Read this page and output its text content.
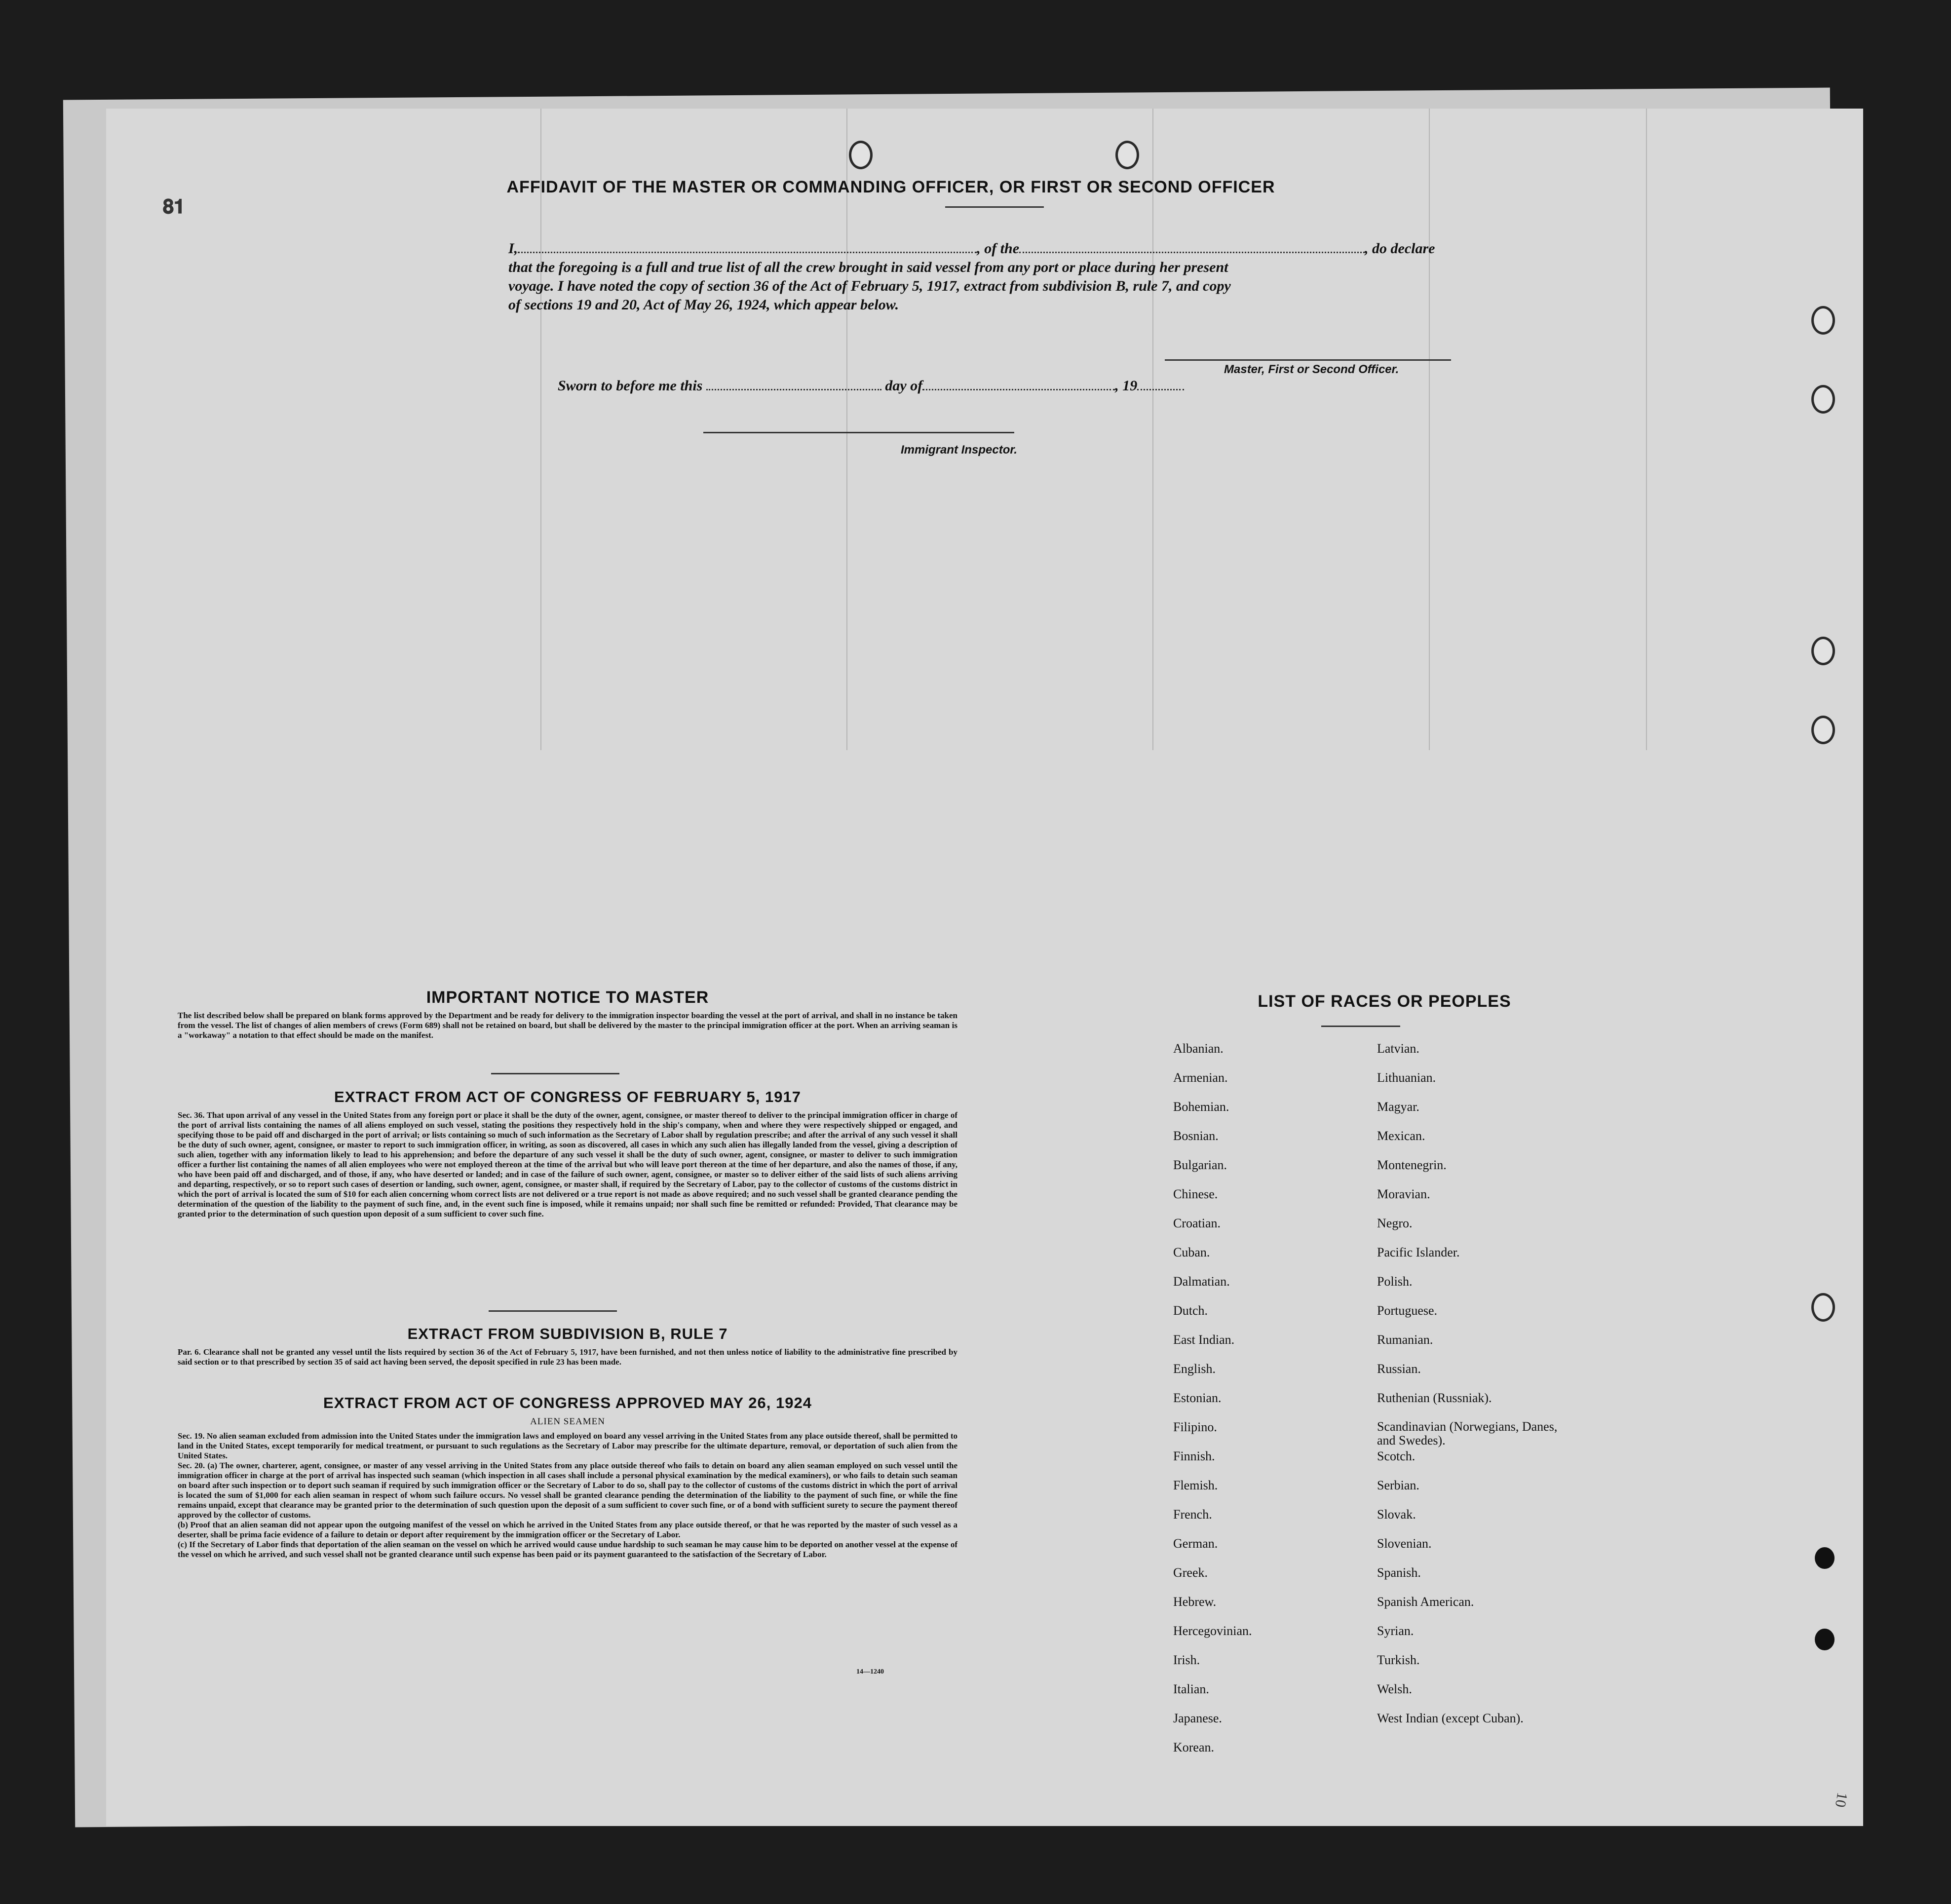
𝟖𝟏
10
AFFIDAVIT OF THE MASTER OR COMMANDING OFFICER, OR FIRST OR SECOND OFFICER
I,	, of the	, do declare
that the foregoing is a full and true list of all the crew brought in said vessel from any port or place during her present
voyage. I have noted the copy of section 36 of the Act of February 5, 1917, extract from subdivision B, rule 7, and copy
of sections 19 and 20, Act of May 26, 1924, which appear below.
Master, First or Second Officer.
Sworn to before me this	day of	, 19
Immigrant Inspector.
IMPORTANT NOTICE TO MASTER
The list described below shall be prepared on blank forms approved by the Department and be ready for delivery to the immigration inspector boarding the vessel at the port of arrival, and shall in no instance be taken from the vessel. The list of changes of alien members of crews (Form 689) shall not be retained on board, but shall be delivered by the master to the principal immigration officer at the port. When an arriving seaman is a "workaway" a notation to that effect should be made on the manifest.
EXTRACT FROM ACT OF CONGRESS OF FEBRUARY 5, 1917
Sec. 36. That upon arrival of any vessel in the United States from any foreign port or place it shall be the duty of the owner, agent, consignee, or master thereof to deliver to the principal immigration officer in charge of the port of arrival lists containing the names of all aliens employed on such vessel, stating the positions they respectively hold in the ship's company, when and where they were respectively shipped or engaged, and specifying those to be paid off and discharged in the port of arrival; or lists containing so much of such information as the Secretary of Labor shall by regulation prescribe; and after the arrival of any such vessel it shall be the duty of such owner, agent, consignee, or master to report to such immigration officer, in writing, as soon as discovered, all cases in which any such alien has illegally landed from the vessel, giving a description of such alien, together with any information likely to lead to his apprehension; and before the departure of any such vessel it shall be the duty of such owner, agent, consignee, or master to deliver to such immigration officer a further list containing the names of all alien employees who were not employed thereon at the time of the arrival but who will leave port thereon at the time of her departure, and also the names of those, if any, who have been paid off and discharged, and of those, if any, who have deserted or landed; and in case of the failure of such owner, agent, consignee, or master so to deliver either of the said lists of such aliens arriving and departing, respectively, or so to report such cases of desertion or landing, such owner, agent, consignee, or master shall, if required by the Secretary of Labor, pay to the collector of customs of the customs district in which the port of arrival is located the sum of $10 for each alien concerning whom correct lists are not delivered or a true report is not made as above required; and no such vessel shall be granted clearance pending the determination of the question of the liability to the payment of such fine, and, in the event such fine is imposed, while it remains unpaid; nor shall such fine be remitted or refunded: Provided, That clearance may be granted prior to the determination of such question upon deposit of a sum sufficient to cover such fine.
EXTRACT FROM SUBDIVISION B, RULE 7
Par. 6. Clearance shall not be granted any vessel until the lists required by section 36 of the Act of February 5, 1917, have been furnished, and not then unless notice of liability to the administrative fine prescribed by said section or to that prescribed by section 35 of said act having been served, the deposit specified in rule 23 has been made.
EXTRACT FROM ACT OF CONGRESS APPROVED MAY 26, 1924
ALIEN SEAMEN
Sec. 19. No alien seaman excluded from admission into the United States under the immigration laws and employed on board any vessel arriving in the United States from any place outside thereof, shall be permitted to land in the United States, except temporarily for medical treatment, or pursuant to such regulations as the Secretary of Labor may prescribe for the ultimate departure, removal, or deportation of such alien from the United States.
Sec. 20. (a) The owner, charterer, agent, consignee, or master of any vessel arriving in the United States from any place outside thereof who fails to detain on board any alien seaman employed on such vessel until the immigration officer in charge at the port of arrival has inspected such seaman (which inspection in all cases shall include a personal physical examination by the medical examiners), or who fails to detain such seaman on board after such inspection or to deport such seaman if required by such immigration officer or the Secretary of Labor to do so, shall pay to the collector of customs of the customs district in which the port of arrival is located the sum of $1,000 for each alien seaman in respect of whom such failure occurs. No vessel shall be granted clearance pending the determination of the liability to the payment of such fine, or while the fine remains unpaid, except that clearance may be granted prior to the determination of such question upon the deposit of a sum sufficient to cover such fine, or of a bond with sufficient surety to secure the payment thereof approved by the collector of customs.
(b) Proof that an alien seaman did not appear upon the outgoing manifest of the vessel on which he arrived in the United States from any place outside thereof, or that he was reported by the master of such vessel as a deserter, shall be prima facie evidence of a failure to detain or deport after requirement by the immigration officer or the Secretary of Labor.
(c) If the Secretary of Labor finds that deportation of the alien seaman on the vessel on which he arrived would cause undue hardship to such seaman he may cause him to be deported on another vessel at the expense of the vessel on which he arrived, and such vessel shall not be granted clearance until such expense has been paid or its payment guaranteed to the satisfaction of the Secretary of Labor.
14—1240
LIST OF RACES OR PEOPLES
Albanian.
Armenian.
Bohemian.
Bosnian.
Bulgarian.
Chinese.
Croatian.
Cuban.
Dalmatian.
Dutch.
East Indian.
English.
Estonian.
Filipino.
Finnish.
Flemish.
French.
German.
Greek.
Hebrew.
Hercegovinian.
Irish.
Italian.
Japanese.
Korean.
Latvian.
Lithuanian.
Magyar.
Mexican.
Montenegrin.
Moravian.
Negro.
Pacific Islander.
Polish.
Portuguese.
Rumanian.
Russian.
Ruthenian (Russniak).
Scandinavian (Norwegians, Danes, and Swedes).
Scotch.
Serbian.
Slovak.
Slovenian.
Spanish.
Spanish American.
Syrian.
Turkish.
Welsh.
West Indian (except Cuban).
